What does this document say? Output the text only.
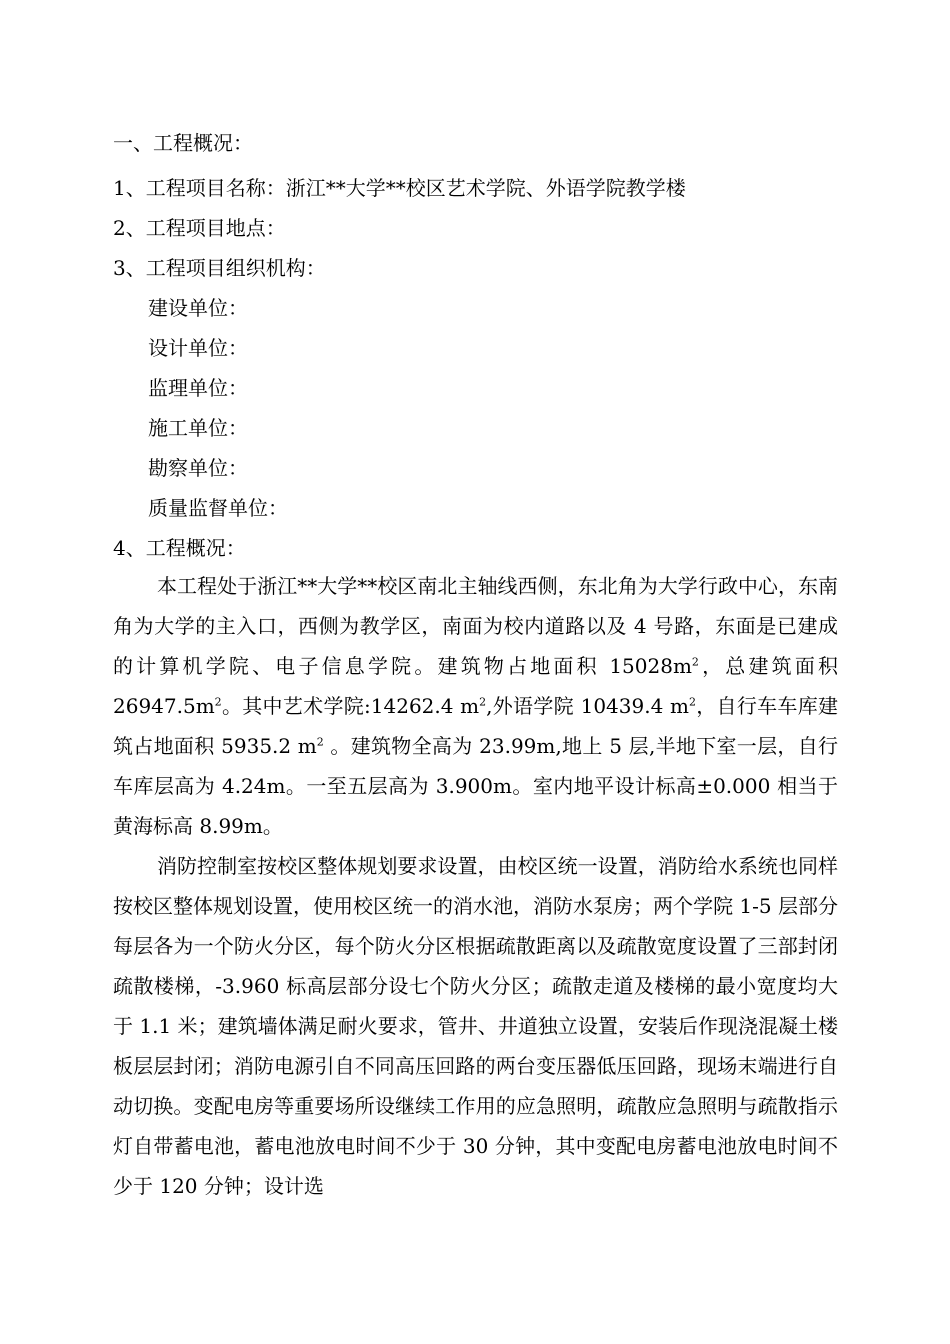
一、工程概况：
1、工程项目名称：浙江**大学**校区艺术学院、外语学院教学楼
2、工程项目地点：
3、工程项目组织机构：
建设单位：
设计单位：
监理单位：
施工单位：
勘察单位：
质量监督单位：
4、工程概况：

本工程处于浙江**大学**校区南北主轴线西侧，东北角为大学行政中心，东南角为大学的主入口，西侧为教学区，南面为校内道路以及 4 号路，东面是已建成的计算机学院、电子信息学院。建筑物占地面积 $15028m^2$，总建筑面积 $26947.5m^2$。其中艺术学院:14262.4 $m^2$,外语学院 10439.4 $m^2$，自行车车库建筑占地面积 5935.2 $m^2$ 。建筑物全高为 23.99m,地上 5 层,半地下室一层，自行车库层高为 4.24m。一至五层高为 3.900m。室内地平设计标高±0.000 相当于黄海标高 8.99m。

消防控制室按校区整体规划要求设置，由校区统一设置，消防给水系统也同样按校区整体规划设置，使用校区统一的消水池，消防水泵房；两个学院 1-5 层部分每层各为一个防火分区，每个防火分区根据疏散距离以及疏散宽度设置了三部封闭疏散楼梯，-3.960 标高层部分设七个防火分区；疏散走道及楼梯的最小宽度均大于 1.1 米；建筑墙体满足耐火要求，管井、井道独立设置，安装后作现浇混凝土楼板层层封闭；消防电源引自不同高压回路的两台变压器低压回路，现场末端进行自动切换。变配电房等重要场所设继续工作用的应急照明，疏散应急照明与疏散指示灯自带蓄电池，蓄电池放电时间不少于 30 分钟，其中变配电房蓄电池放电时间不少于 120 分钟；设计选
